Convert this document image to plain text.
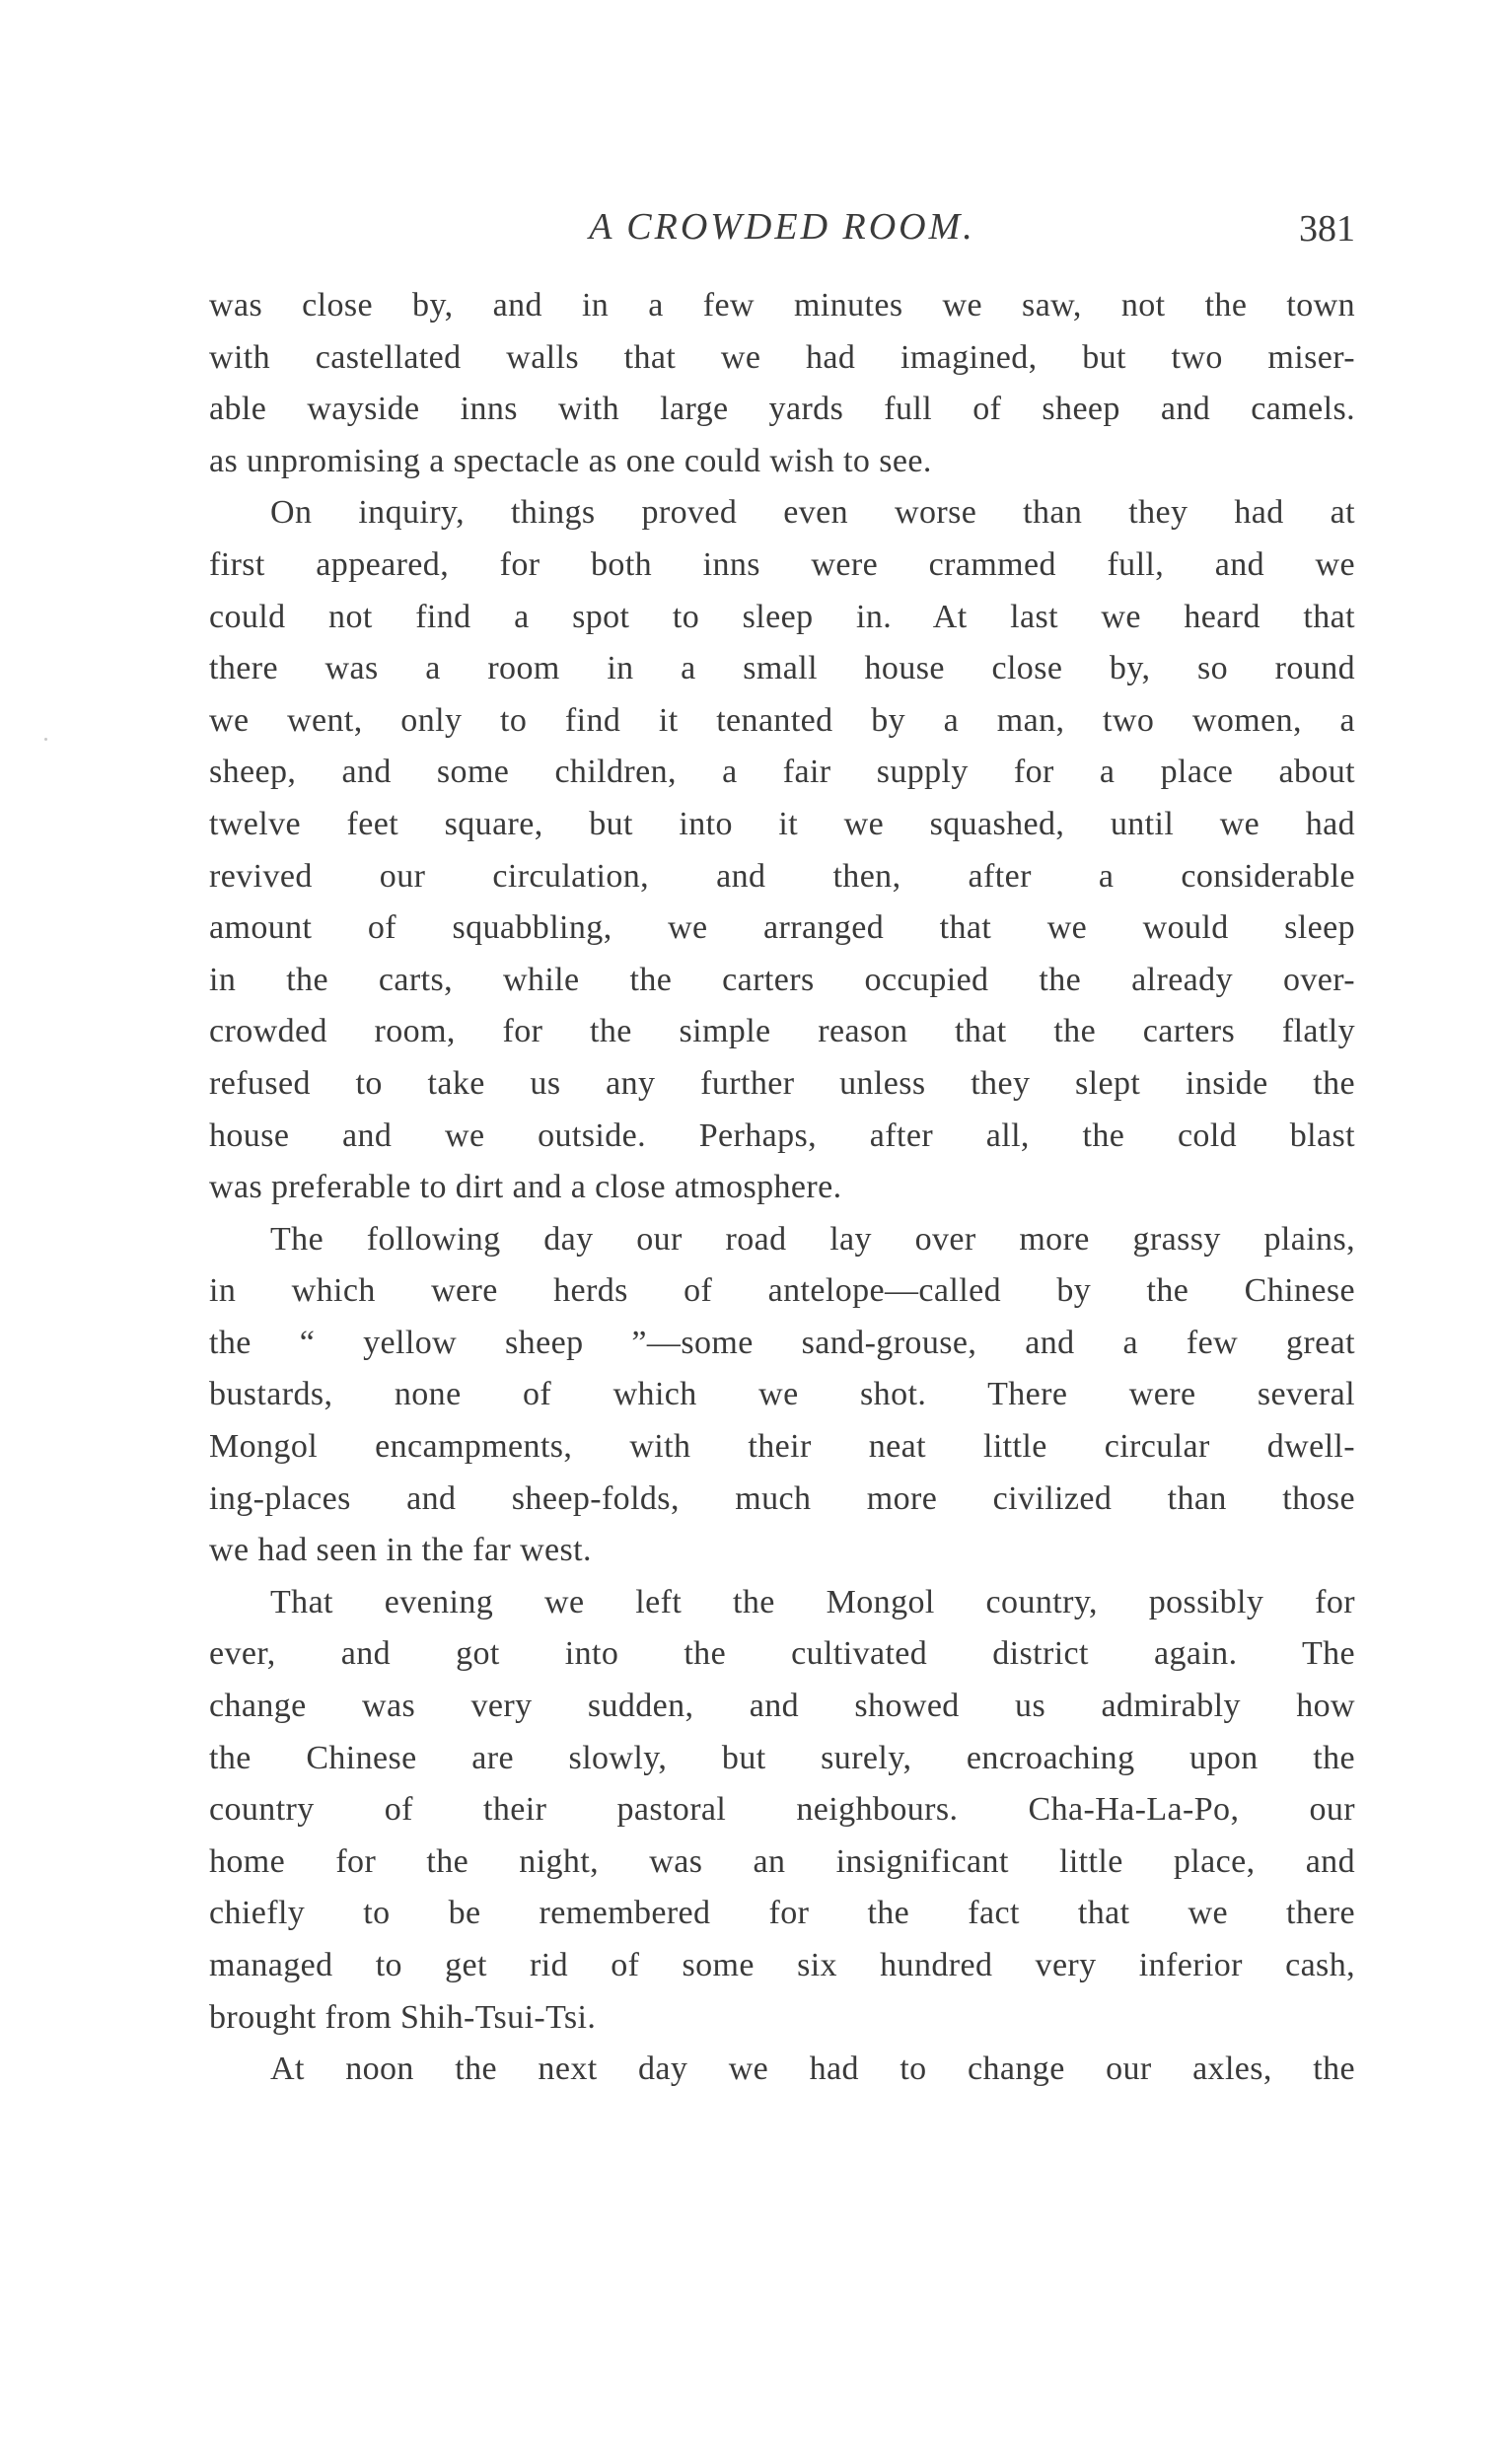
A CROWDED ROOM.	381
was close by, and in a few minutes we saw, not the town
with castellated walls that we had imagined, but two miser-
able wayside inns with large yards full of sheep and camels.
as unpromising a spectacle as one could wish to see.
On inquiry, things proved even worse than they had at
first appeared, for both inns were crammed full, and we
could not find a spot to sleep in. At last we heard that
there was a room in a small house close by, so round
we went, only to find it tenanted by a man, two women, a
sheep, and some children, a fair supply for a place about
twelve feet square, but into it we squashed, until we had
revived our circulation, and then, after a considerable
amount of squabbling, we arranged that we would sleep
in the carts, while the carters occupied the already over-
crowded room, for the simple reason that the carters flatly
refused to take us any further unless they slept inside the
house and we outside. Perhaps, after all, the cold blast
was preferable to dirt and a close atmosphere.
The following day our road lay over more grassy plains,
in which were herds of antelope—called by the Chinese
the “ yellow sheep ”—some sand-grouse, and a few great
bustards, none of which we shot. There were several
Mongol encampments, with their neat little circular dwell-
ing-places and sheep-folds, much more civilized than those
we had seen in the far west.
That evening we left the Mongol country, possibly for
ever, and got into the cultivated district again. The
change was very sudden, and showed us admirably how
the Chinese are slowly, but surely, encroaching upon the
country of their pastoral neighbours. Cha-Ha-La-Po, our
home for the night, was an insignificant little place, and
chiefly to be remembered for the fact that we there
managed to get rid of some six hundred very inferior cash,
brought from Shih-Tsui-Tsi.
At noon the next day we had to change our axles, the
